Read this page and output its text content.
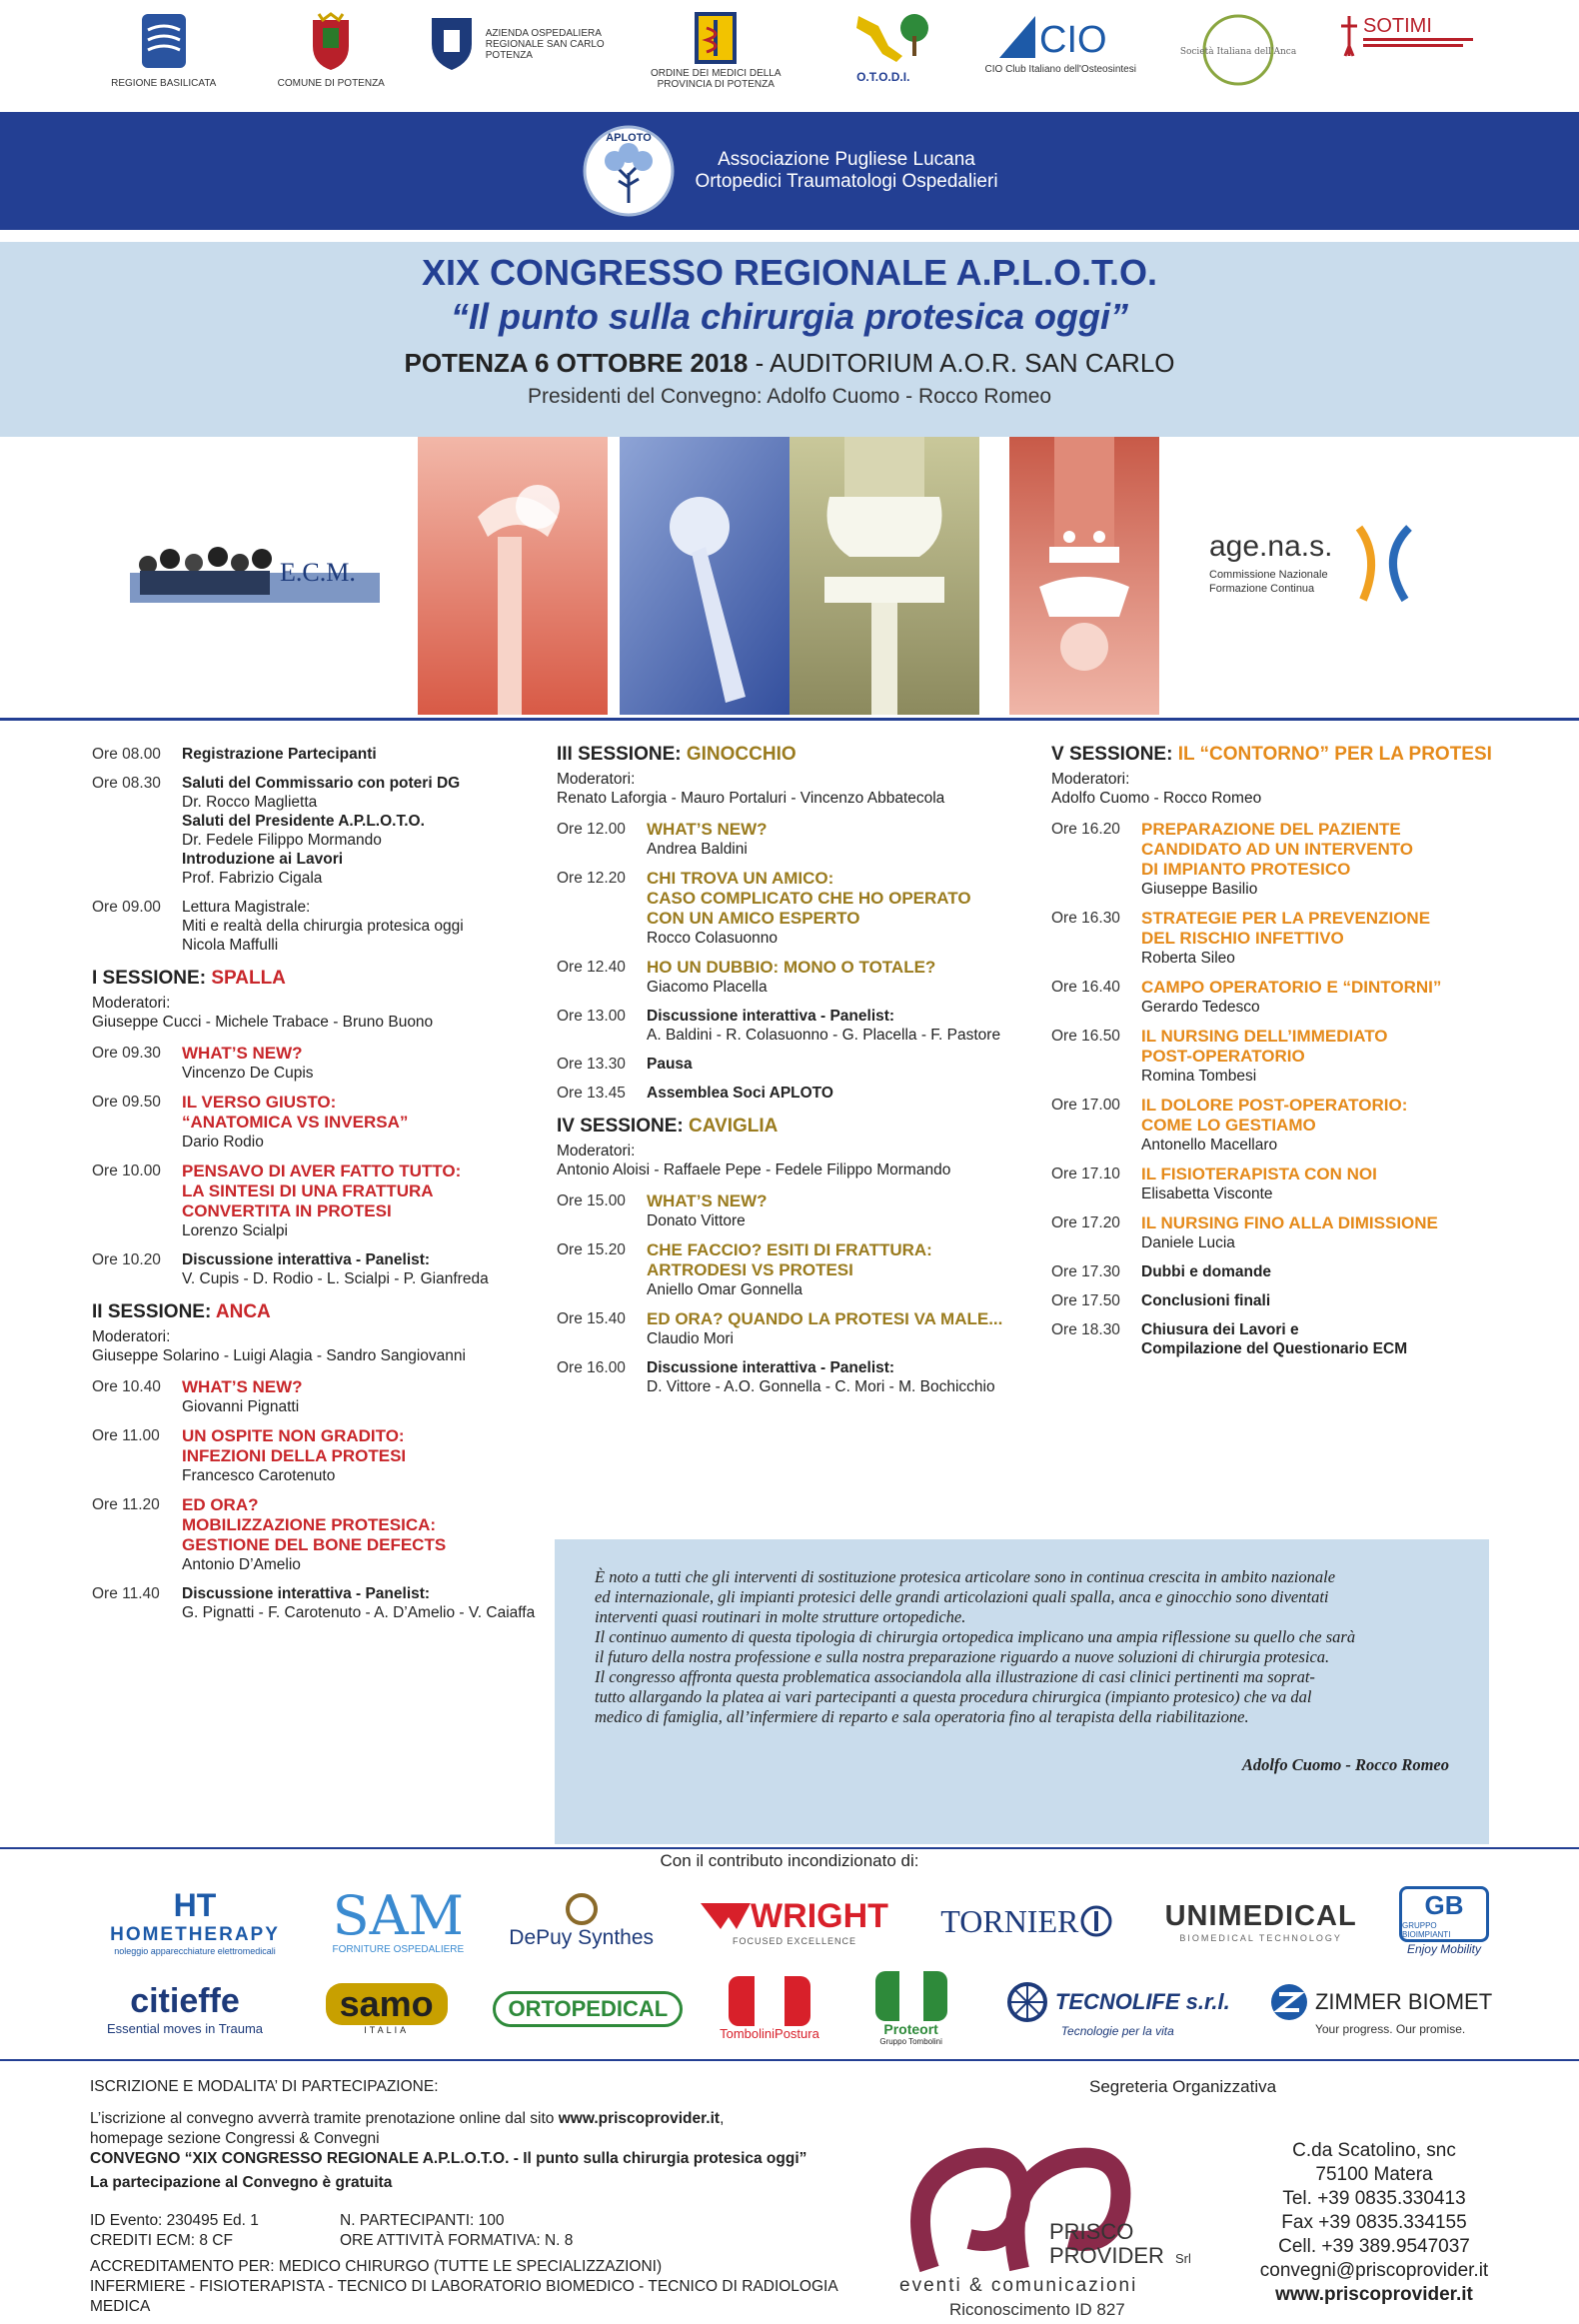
REGIONE BASILICATA	COMUNE DI POTENZA
AZIENDA OSPEDALIERA REGIONALE SAN CARLO POTENZA
ORDINE DEI MEDICI DELLA PROVINCIA DI POTENZA
O.T.O.D.I.
CIO
CIO Club Italiano dell'Osteosintesi
Società Italiana dell'Anca
SOTIMI
APLOTO
Associazione Pugliese Lucana
Ortopedici Traumatologi Ospedalieri
XIX CONGRESSO REGIONALE A.P.L.O.T.O.
“Il punto sulla chirurgia protesica oggi”
POTENZA 6 OTTOBRE 2018 - AUDITORIUM A.O.R. SAN CARLO
Presidenti del Convegno: Adolfo Cuomo - Rocco Romeo
E.C.M.
age.na.s.
Commissione Nazionale
Formazione Continua
Ore 08.00	Registrazione Partecipanti
Ore 08.30	Saluti del Commissario con poteri DG
Dr. Rocco Maglietta
Saluti del Presidente A.P.L.O.T.O.
Dr. Fedele Filippo Mormando
Introduzione ai Lavori
Prof. Fabrizio Cigala
Ore 09.00	Lettura Magistrale:
Miti e realtà della chirurgia protesica oggi
Nicola Maffulli
I SESSIONE: SPALLA
Moderatori:
Giuseppe Cucci - Michele Trabace - Bruno Buono
Ore 09.30	WHAT’S NEW?
Vincenzo De Cupis
Ore 09.50	IL VERSO GIUSTO:
“ANATOMICA VS INVERSA”
Dario Rodio
Ore 10.00	PENSAVO DI AVER FATTO TUTTO:
LA SINTESI DI UNA FRATTURA
CONVERTITA IN PROTESI
Lorenzo Scialpi
Ore 10.20	Discussione interattiva - Panelist:
V. Cupis - D. Rodio - L. Scialpi - P. Gianfreda
II SESSIONE: ANCA
Moderatori:
Giuseppe Solarino - Luigi Alagia - Sandro Sangiovanni
Ore 10.40	WHAT’S NEW?
Giovanni Pignatti
Ore 11.00	UN OSPITE NON GRADITO:
INFEZIONI DELLA PROTESI
Francesco Carotenuto
Ore 11.20	ED ORA?
MOBILIZZAZIONE PROTESICA:
GESTIONE DEL BONE DEFECTS
Antonio D’Amelio
Ore 11.40	Discussione interattiva - Panelist:
G. Pignatti - F. Carotenuto - A. D’Amelio - V. Caiaffa
III SESSIONE: GINOCCHIO
Moderatori:
Renato Laforgia - Mauro Portaluri - Vincenzo Abbatecola
Ore 12.00	WHAT’S NEW?
Andrea Baldini
Ore 12.20	CHI TROVA UN AMICO:
CASO COMPLICATO CHE HO OPERATO
CON UN AMICO ESPERTO
Rocco Colasuonno
Ore 12.40	HO UN DUBBIO: MONO O TOTALE?
Giacomo Placella
Ore 13.00	Discussione interattiva - Panelist:
A. Baldini - R. Colasuonno - G. Placella - F. Pastore
Ore 13.30	Pausa
Ore 13.45	Assemblea Soci APLOTO
IV SESSIONE: CAVIGLIA
Moderatori:
Antonio Aloisi - Raffaele Pepe - Fedele Filippo Mormando
Ore 15.00	WHAT’S NEW?
Donato Vittore
Ore 15.20	CHE FACCIO? ESITI DI FRATTURA:
ARTRODESI VS PROTESI
Aniello Omar Gonnella
Ore 15.40	ED ORA? QUANDO LA PROTESI VA MALE...
Claudio Mori
Ore 16.00	Discussione interattiva - Panelist:
D. Vittore - A.O. Gonnella - C. Mori - M. Bochicchio
V SESSIONE: IL “CONTORNO” PER LA PROTESI
Moderatori:
Adolfo Cuomo - Rocco Romeo
Ore 16.20	PREPARAZIONE DEL PAZIENTE
CANDIDATO AD UN INTERVENTO
DI IMPIANTO PROTESICO
Giuseppe Basilio
Ore 16.30	STRATEGIE PER LA PREVENZIONE
DEL RISCHIO INFETTIVO
Roberta Sileo
Ore 16.40	CAMPO OPERATORIO E “DINTORNI”
Gerardo Tedesco
Ore 16.50	IL NURSING DELL’IMMEDIATO
POST-OPERATORIO
Romina Tombesi
Ore 17.00	IL DOLORE POST-OPERATORIO:
COME LO GESTIAMO
Antonello Macellaro
Ore 17.10	IL FISIOTERAPISTA CON NOI
Elisabetta Visconte
Ore 17.20	IL NURSING FINO ALLA DIMISSIONE
Daniele Lucia
Ore 17.30	Dubbi e domande
Ore 17.50	Conclusioni finali
Ore 18.30	Chiusura dei Lavori e
Compilazione del Questionario ECM
È noto a tutti che gli interventi di sostituzione protesica articolare sono in continua crescita in ambito nazionale
ed internazionale, gli impianti protesici delle grandi articolazioni quali spalla, anca e ginocchio sono diventati
interventi quasi routinari in molte strutture ortopediche.
Il continuo aumento di questa tipologia di chirurgia ortopedica implicano una ampia riflessione su quello che sarà
il futuro della nostra professione e sulla nostra preparazione riguardo a nuove soluzioni di chirurgia protesica.
Il congresso affronta questa problematica associandola alla illustrazione di casi clinici pertinenti ma soprat-
tutto allargando la platea ai vari partecipanti a questa procedura chirurgica (impianto protesico) che va dal
medico di famiglia, all’infermiere di reparto e sala operatoria fino al terapista della riabilitazione.
Adolfo Cuomo - Rocco Romeo
Con il contributo incondizionato di:
HT
HOMETHERAPY
noleggio apparecchiature elettromedicali
SAM
FORNITURE OSPEDALIERE DePuy Synthes
WRIGHT
FOCUSED EXCELLENCE
TORNIER	UNIMEDICAL
BIOMEDICAL TECHNOLOGY
GB
GRUPPO BIOIMPIANTI
Enjoy Mobility
citieffe
Essential moves in Trauma
samo
ITALIA
ORTOPEDICAL
TomboliniPostura	Proteort
Gruppo Tombolini
TECNOLIFE s.r.l.
Tecnologie per la vita
ZIMMER BIOMET
Your progress. Our promise.
ISCRIZIONE E MODALITA’ DI PARTECIPAZIONE:
L’iscrizione al convegno avverrà tramite prenotazione online dal sito www.priscoprovider.it,
homepage sezione Congressi & Convegni
CONVEGNO “XIX CONGRESSO REGIONALE A.P.L.O.T.O. - Il punto sulla chirurgia protesica oggi”
La partecipazione al Convegno è gratuita
ID Evento: 230495 Ed. 1	N. PARTECIPANTI: 100
CREDITI ECM: 8 CF	ORE ATTIVITÀ FORMATIVA: N. 8
ACCREDITAMENTO PER: MEDICO CHIRURGO (TUTTE LE SPECIALIZZAZIONI)
INFERMIERE - FISIOTERAPISTA - TECNICO DI LABORATORIO BIOMEDICO - TECNICO DI RADIOLOGIA MEDICA
Segreteria Organizzativa
PRISCO
PROVIDER Srl
eventi & comunicazioni
Riconoscimento ID 827
C.da Scatolino, snc
75100 Matera
Tel. +39 0835.330413
Fax +39 0835.334155
Cell. +39 389.9547037
convegni@priscoprovider.it
www.priscoprovider.it
